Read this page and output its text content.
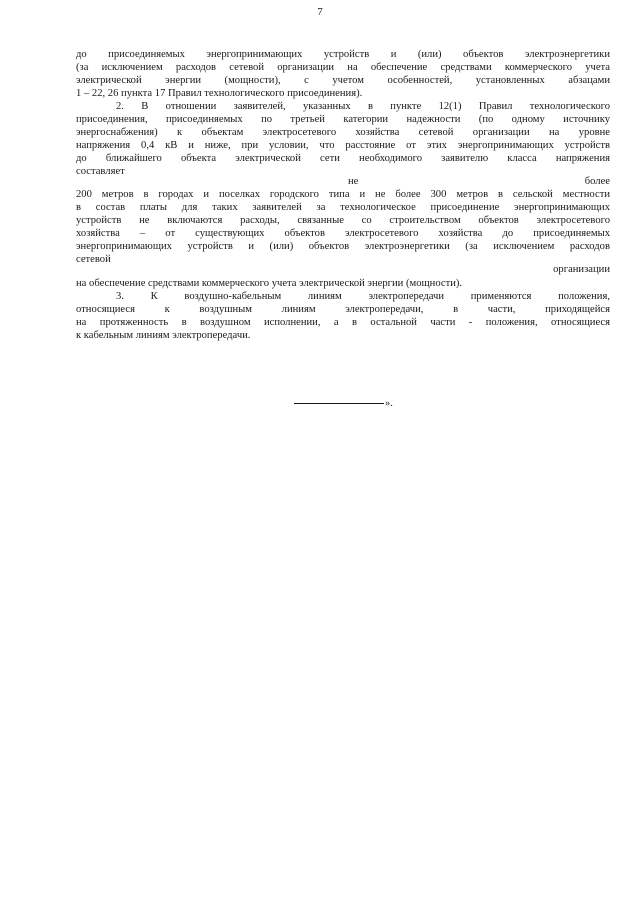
7
до присоединяемых энергопринимающих устройств и (или) объектов электроэнергетики
(за исключением расходов сетевой организации на обеспечение средствами коммерческого учета
электрической энергии (мощности), с учетом особенностей, установленных абзацами
1 – 22, 26 пункта 17 Правил технологического присоединения).
2. В отношении заявителей, указанных в пункте 12(1) Правил технологического
присоединения, присоединяемых по третьей категории надежности (по одному источнику
энергоснабжения) к объектам электросетевого хозяйства сетевой организации на уровне
напряжения 0,4 кВ и ниже, при условии, что расстояние от этих энергопринимающих устройств
до ближайшего объекта электрической сети необходимого заявителю класса напряжения
составляет
не	более
200 метров в городах и поселках городского типа и не более 300 метров в сельской местности
в состав платы для таких заявителей за технологическое присоединение энергопринимающих
устройств не включаются расходы, связанные со строительством объектов электросетевого
хозяйства – от существующих объектов электросетевого хозяйства до присоединяемых
энергопринимающих устройств и (или) объектов электроэнергетики (за исключением расходов
сетевой
организации
на обеспечение средствами коммерческого учета электрической энергии (мощности).
3. К воздушно-кабельным линиям электропередачи применяются положения,
относящиеся к воздушным линиям электропередачи, в части, приходящейся
на протяженность в воздушном исполнении, а в остальной части - положения, относящиеся
к кабельным линиям электропередачи.
».
